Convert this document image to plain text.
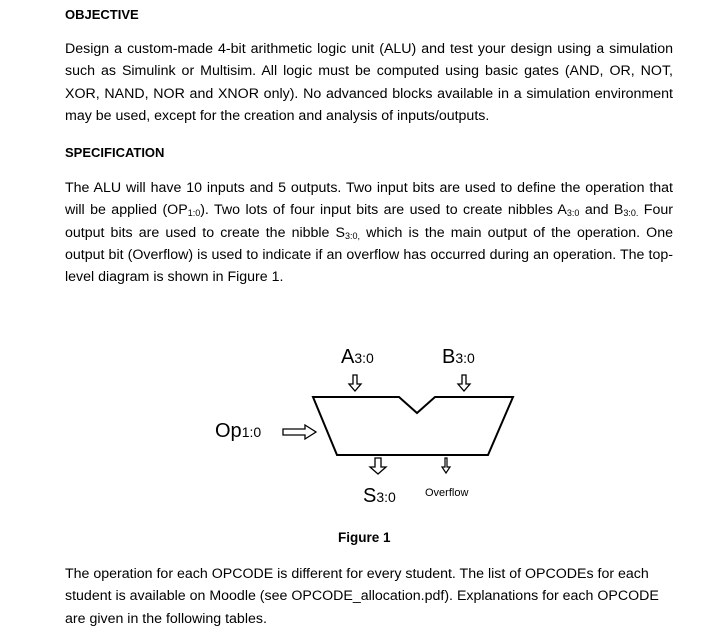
OBJECTIVE

Design a custom-made 4-bit arithmetic logic unit (ALU) and test your design using a simulation such as Simulink or Multisim. All logic must be computed using basic gates (AND, OR, NOT, XOR, NAND, NOR and XNOR only). No advanced blocks available in a simulation environment may be used, except for the creation and analysis of inputs/outputs.

SPECIFICATION

The ALU will have 10 inputs and 5 outputs. Two input bits are used to define the operation that will be applied $(OP_{1:0})$. Two lots of four input bits are used to create nibbles $A_{3:0}$ and $B_{3:0.}$ Four output bits are used to create the nibble $S_{3:0,}$ which is the main output of the operation. One output bit (Overflow) is used to indicate if an overflow has occurred during an operation. The top-level diagram is shown in Figure 1.

A3:0	B3:0
Op1:0
S3:0	Overflow
Figure 1

The operation for each OPCODE is different for every student. The list of OPCODEs for each student is available on Moodle (see OPCODE_allocation.pdf). Explanations for each OPCODE are given in the following tables.
